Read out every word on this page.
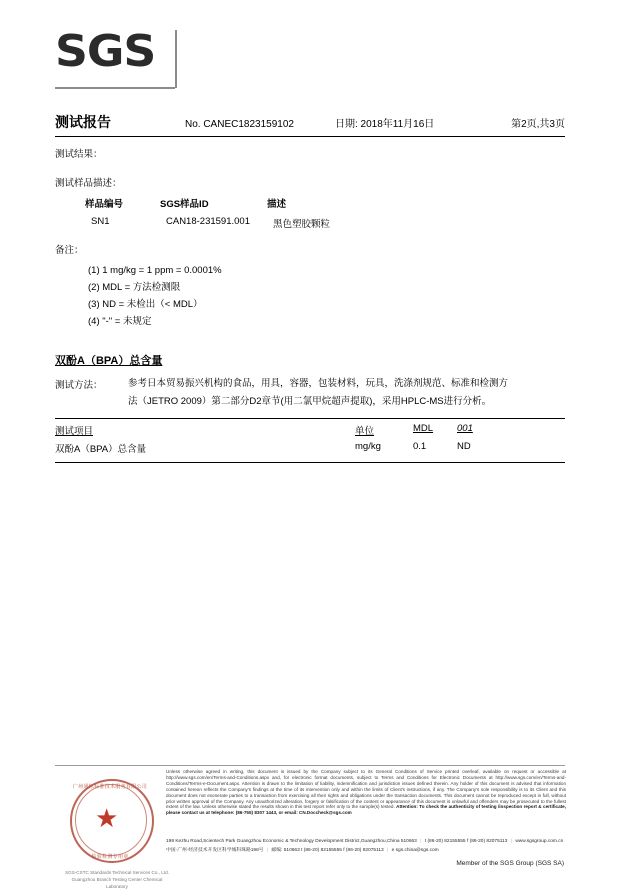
SGS
测试报告	No. CANEC1823159102	日期: 2018年11月16日	第2页,共3页
测试结果：
测试样品描述：
样品编号	SGS样品ID	描述
SN1	CAN18-231591.001	黑色塑胶颗粒
备注：
(1) 1 mg/kg = 1 ppm = 0.0001%
(2) MDL = 方法检测限
(3) ND = 未检出（< MDL）
(4) "-" = 未规定
双酚A（BPA）总含量
测试方法：	参考日本贸易振兴机构的食品，用具，容器，包装材料，玩具，洗涤剂规范、标准和检测方
法（JETRO 2009）第二部分D2章节(用二氯甲烷超声提取)，采用HPLC-MS进行分析。
测试项目	单位	MDL	001
双酚A（BPA）总含量	mg/kg	0.1	ND
广州通标标准技术服务有限公司
★
检验检测专用章
SGS-CSTC Standards Technical Services Co., Ltd.
Guangzhou Branch Testing Center Chemical Laboratory
Unless otherwise agreed in writing, this document is issued by the Company subject to its General Conditions of Service printed overleaf, available on request or accessible at http://www.sgs.com/en/Terms-and-Conditions.aspx and, for electronic format documents, subject to Terms and Conditions for Electronic Documents at http://www.sgs.com/en/Terms-and-Conditions/Terms-e-Document.aspx. Attention is drawn to the limitation of liability, indemnification and jurisdiction issues defined therein. Any holder of this document is advised that information contained hereon reflects the Company's findings at the time of its intervention only and within the limits of Client's instructions, if any. The Company's sole responsibility is to its Client and this document does not exonerate parties to a transaction from exercising all their rights and obligations under the transaction documents. This document cannot be reproduced except in full, without prior written approval of the Company. Any unauthorized alteration, forgery or falsification of the content or appearance of this document is unlawful and offenders may be prosecuted to the fullest extent of the law. Unless otherwise stated the results shown in this test report refer only to the sample(s) tested. Attention: To check the authenticity of testing /inspection report & certificate, please contact us at telephone: (86-755) 8307 1443, or email: CN.Doccheck@sgs.com
198 Kezhu Road,Scientech Park Guangzhou Economic & Technology Development District,Guangzhou,China 510663 | t (86-20) 82155555 f (86-20) 82075113 | www.sgsgroup.com.cn
中国·广州·经济技术开发区科学城科珠路198号 | 邮编: 510663 t (86-20) 82155555 f (86-20) 82075113 | e sgs.china@sgs.com
Member of the SGS Group (SGS SA)
